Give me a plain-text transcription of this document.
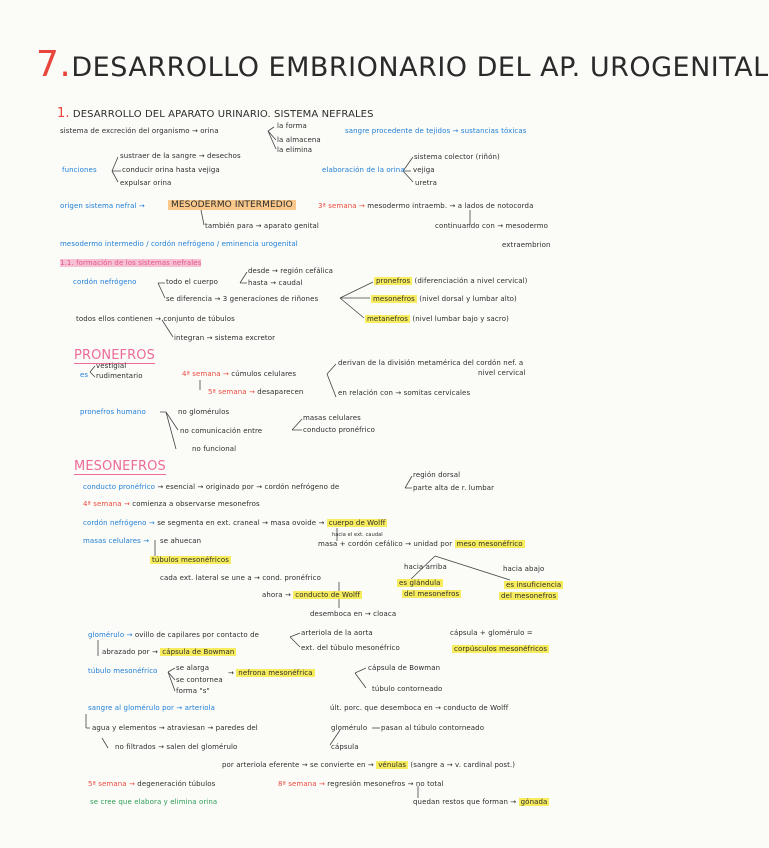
7.DESARROLLO EMBRIONARIO DEL AP. UROGENITAL
1. DESARROLLO DEL APARATO URINARIO. SISTEMA NEFRALES
sistema de excreción del organismo → orina
la forma
la almacena
la elimina
sangre procedente de tejidos → sustancias tóxicas
funciones
sustraer de la sangre → desechos
conducir orina hasta vejiga
expulsar orina
elaboración de la orina
sistema colector (riñón)
vejiga
uretra
origen sistema nefral →	MESODERMO INTERMEDIO
también para → aparato genital
3ª semana → mesodermo intraemb. → a lados de notocorda
continuando con → mesodermo
extraembrion
mesodermo intermedio / cordón nefrógeno / eminencia urogenital
1.1. formación de los sistemas nefrales
cordón nefrógeno	todo el cuerpo
desde → región cefálica
hasta → caudal
se diferencia → 3 generaciones de riñones
pronefros (diferenciación a nivel cervical)
mesonefros (nivel dorsal y lumbar alto)
metanefros (nivel lumbar bajo y sacro)
todos ellos contienen → conjunto de túbulos
integran → sistema excretor
PRONEFROS
es
vestigial
rudimentario	4ª semana → cúmulos celulares
derivan de la división metamérica del cordón nef. a
nivel cervical
5ª semana → desaparecen	en relación con → somitas cervicales
pronefros humano	no glomérulos
no comunicación entre
masas celulares
conducto pronéfrico
no funcional
MESONEFROS
conducto pronéfrico → esencial → originado por → cordón nefrógeno de
región dorsal
parte alta de r. lumbar
4ª semana → comienza a observarse mesonefros
cordón nefrógeno → se segmenta en ext. craneal → masa ovoide → cuerpo de Wolff
hacia el ext. caudal
masas celulares → se ahuecan	masa + cordón cefálico → unidad por meso mesonéfrico
túbulos mesonéfricos
cada ext. lateral se une a → cond. pronéfrico
hacia arriba	hacia abajo
es glándula
del mesonefros
es insuficiencia
del mesonefros
ahora → conducto de Wolff
desemboca en → cloaca
glomérulo → ovillo de capilares por contacto de	arteriola de la aorta
ext. del túbulo mesonéfrico
abrazado por → cápsula de Bowman
cápsula + glomérulo =
corpúsculos mesonéfricos
túbulo mesonéfrico	se alarga
se contornea
forma "s"
→ nefrona mesonéfrica
cápsula de Bowman
túbulo contorneado
sangre al glomérulo por → arteriola	últ. porc. que desemboca en → conducto de Wolff
agua y elementos → atraviesan → paredes del	glomérulo pasan al túbulo contorneado
no filtrados → salen del glomérulo	cápsula
por arteriola eferente → se convierte en → vénulas (sangre a → v. cardinal post.)
5ª semana → degeneración túbulos	8ª semana → regresión mesonefros → no total
se cree que elabora y elimina orina	quedan restos que forman → gónada
